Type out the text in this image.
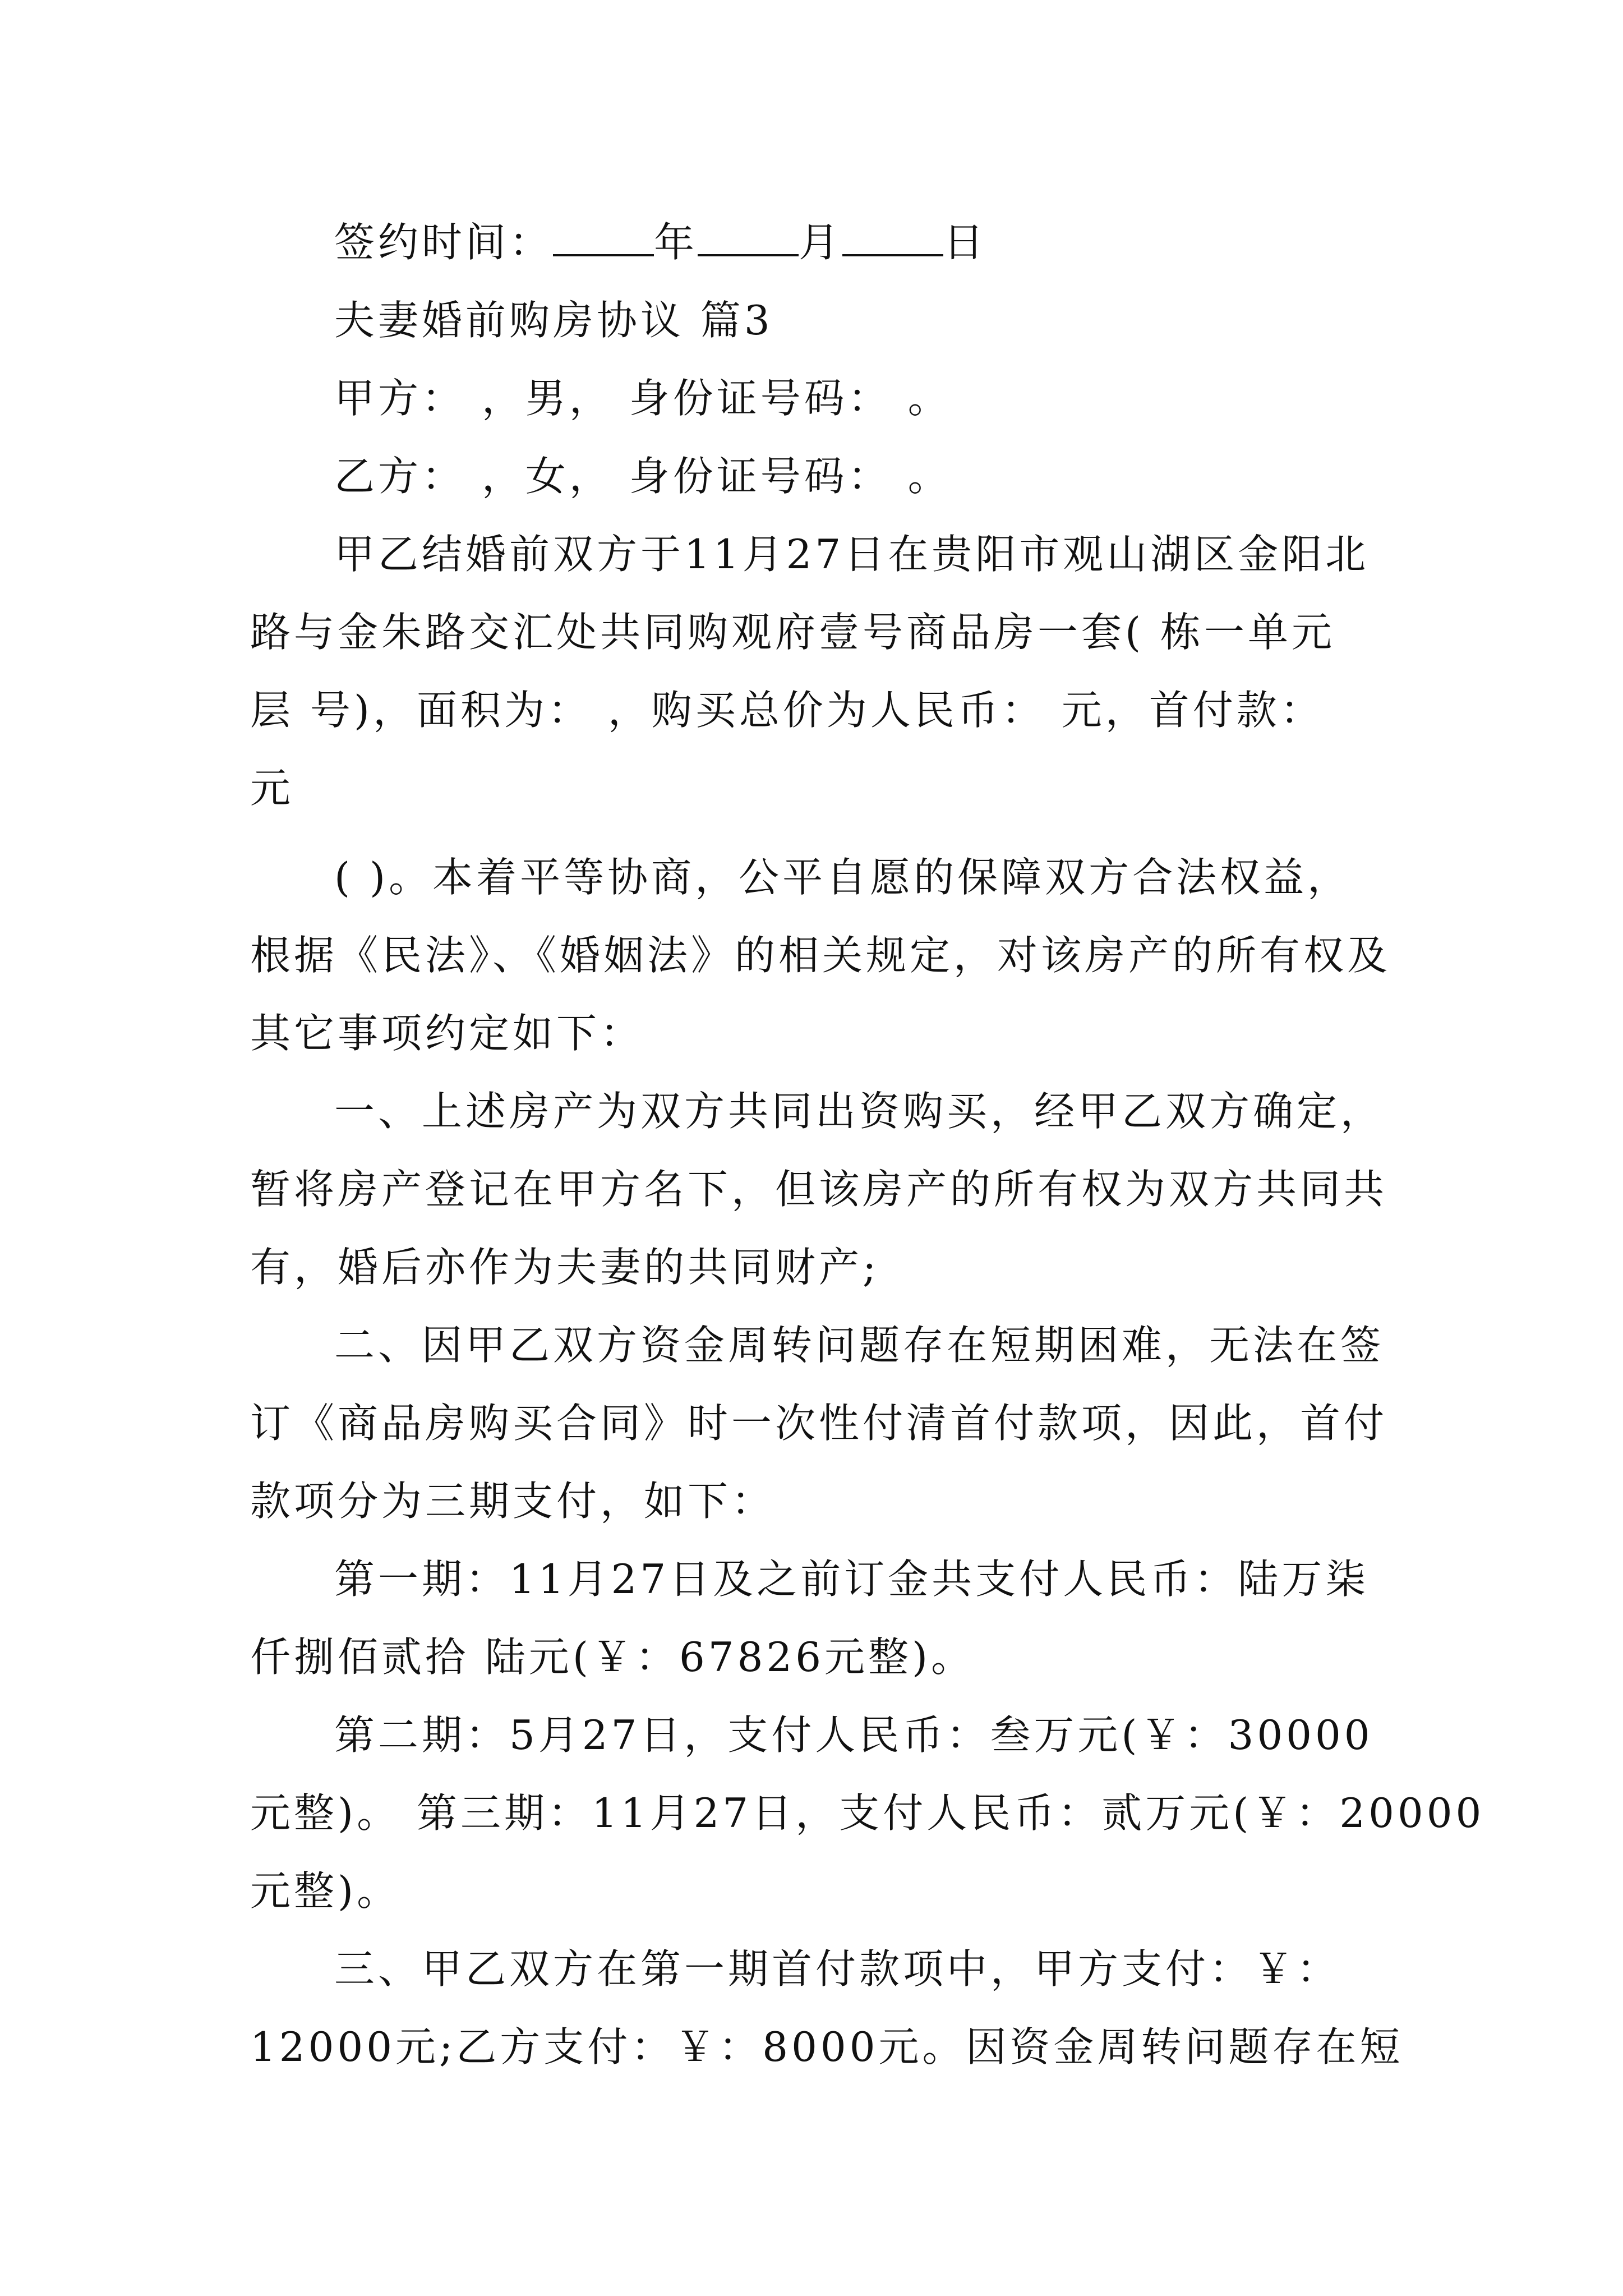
签约时间：	年	月	日
夫妻婚前购房协议 篇3
甲方： ，男， 身份证号码： 。
乙方： ，女， 身份证号码： 。
甲乙结婚前双方于11月27日在贵阳市观山湖区金阳北
路与金朱路交汇处共同购观府壹号商品房一套( 栋一单元
层 号)，面积为： ，购买总价为人民币： 元，首付款：
元
( )。本着平等协商，公平自愿的保障双方合法权益，
根据《民法》、《婚姻法》的相关规定，对该房产的所有权及
其它事项约定如下：
一、上述房产为双方共同出资购买，经甲乙双方确定，
暂将房产登记在甲方名下，但该房产的所有权为双方共同共
有，婚后亦作为夫妻的共同财产;
二、因甲乙双方资金周转问题存在短期困难，无法在签
订《商品房购买合同》时一次性付清首付款项，因此，首付
款项分为三期支付，如下：
第一期：11月27日及之前订金共支付人民币：陆万柒
仟捌佰贰拾 陆元(￥：67826元整)。
第二期：5月27日，支付人民币：叁万元(￥：30000
元整)。 第三期：11月27日，支付人民币：贰万元(￥：20000
元整)。
三、甲乙双方在第一期首付款项中，甲方支付：￥：
12000元;乙方支付：￥：8000元。因资金周转问题存在短
